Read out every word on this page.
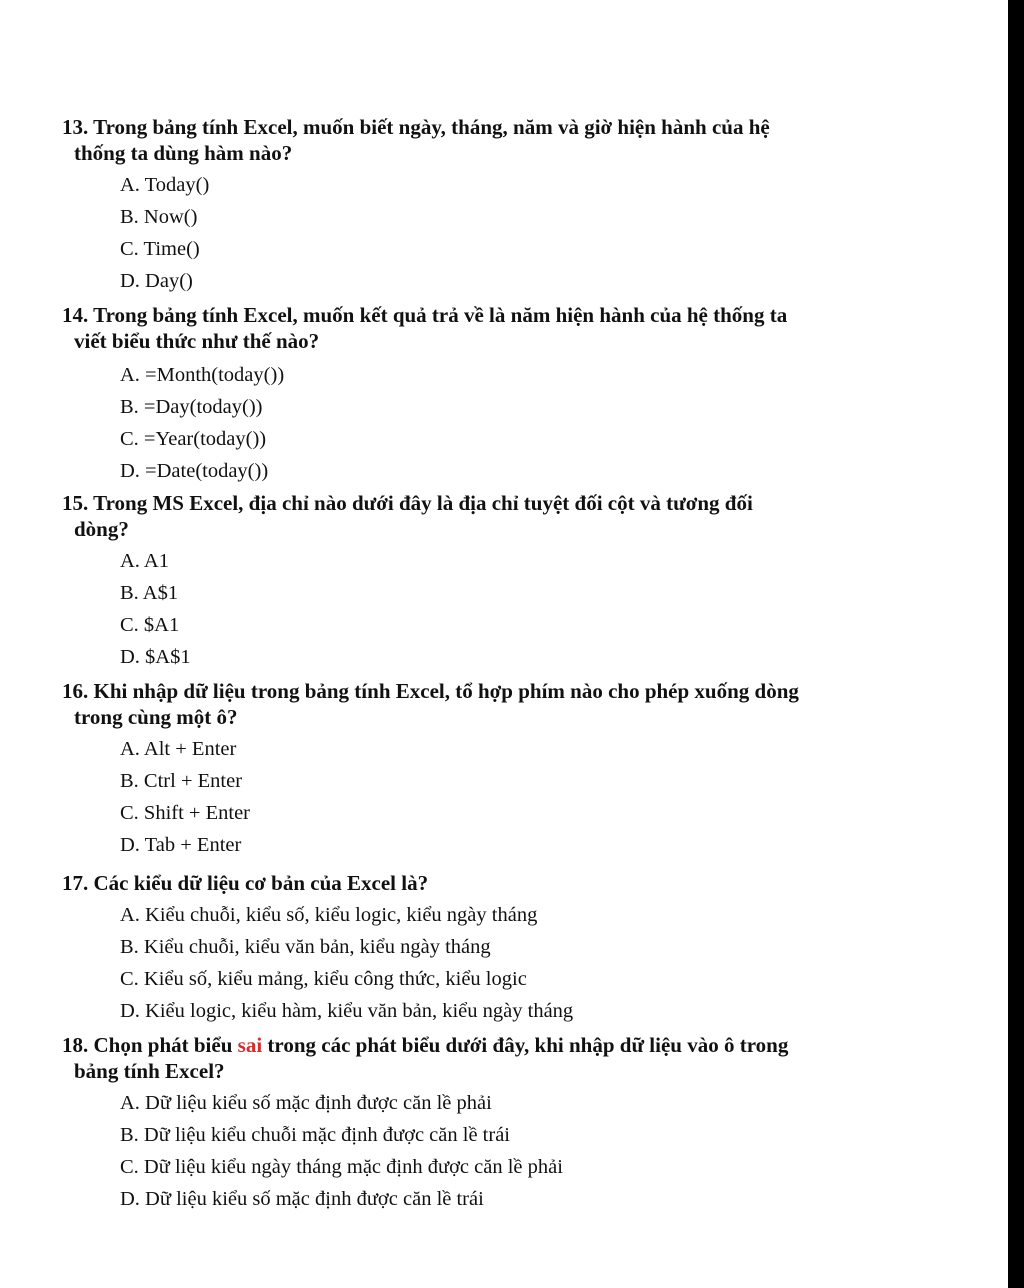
13. Trong bảng tính Excel, muốn biết ngày, tháng, năm và giờ hiện hành của hệ
thống ta dùng hàm nào?
A. Today()
B. Now()
C. Time()
D. Day()
14. Trong bảng tính Excel, muốn kết quả trả về là năm hiện hành của hệ thống ta
viết biểu thức như thế nào?
A. =Month(today())
B. =Day(today())
C. =Year(today())
D. =Date(today())
15. Trong MS Excel, địa chỉ nào dưới đây là địa chỉ tuyệt đối cột và tương đối
dòng?
A. A1
B. A$1
C. $A1
D. $A$1
16. Khi nhập dữ liệu trong bảng tính Excel, tổ hợp phím nào cho phép xuống dòng
trong cùng một ô?
A. Alt + Enter
B. Ctrl + Enter
C. Shift + Enter
D. Tab + Enter
17. Các kiểu dữ liệu cơ bản của Excel là?
A. Kiểu chuỗi, kiểu số, kiểu logic, kiểu ngày tháng
B. Kiểu chuỗi, kiểu văn bản, kiểu ngày tháng
C. Kiểu số, kiểu mảng, kiểu công thức, kiểu logic
D. Kiểu logic, kiểu hàm, kiểu văn bản, kiểu ngày tháng
18. Chọn phát biểu sai trong các phát biểu dưới đây, khi nhập dữ liệu vào ô trong
bảng tính Excel?
A. Dữ liệu kiểu số mặc định được căn lề phải
B. Dữ liệu kiểu chuỗi mặc định được căn lề trái
C. Dữ liệu kiểu ngày tháng mặc định được căn lề phải
D. Dữ liệu kiểu số mặc định được căn lề trái
